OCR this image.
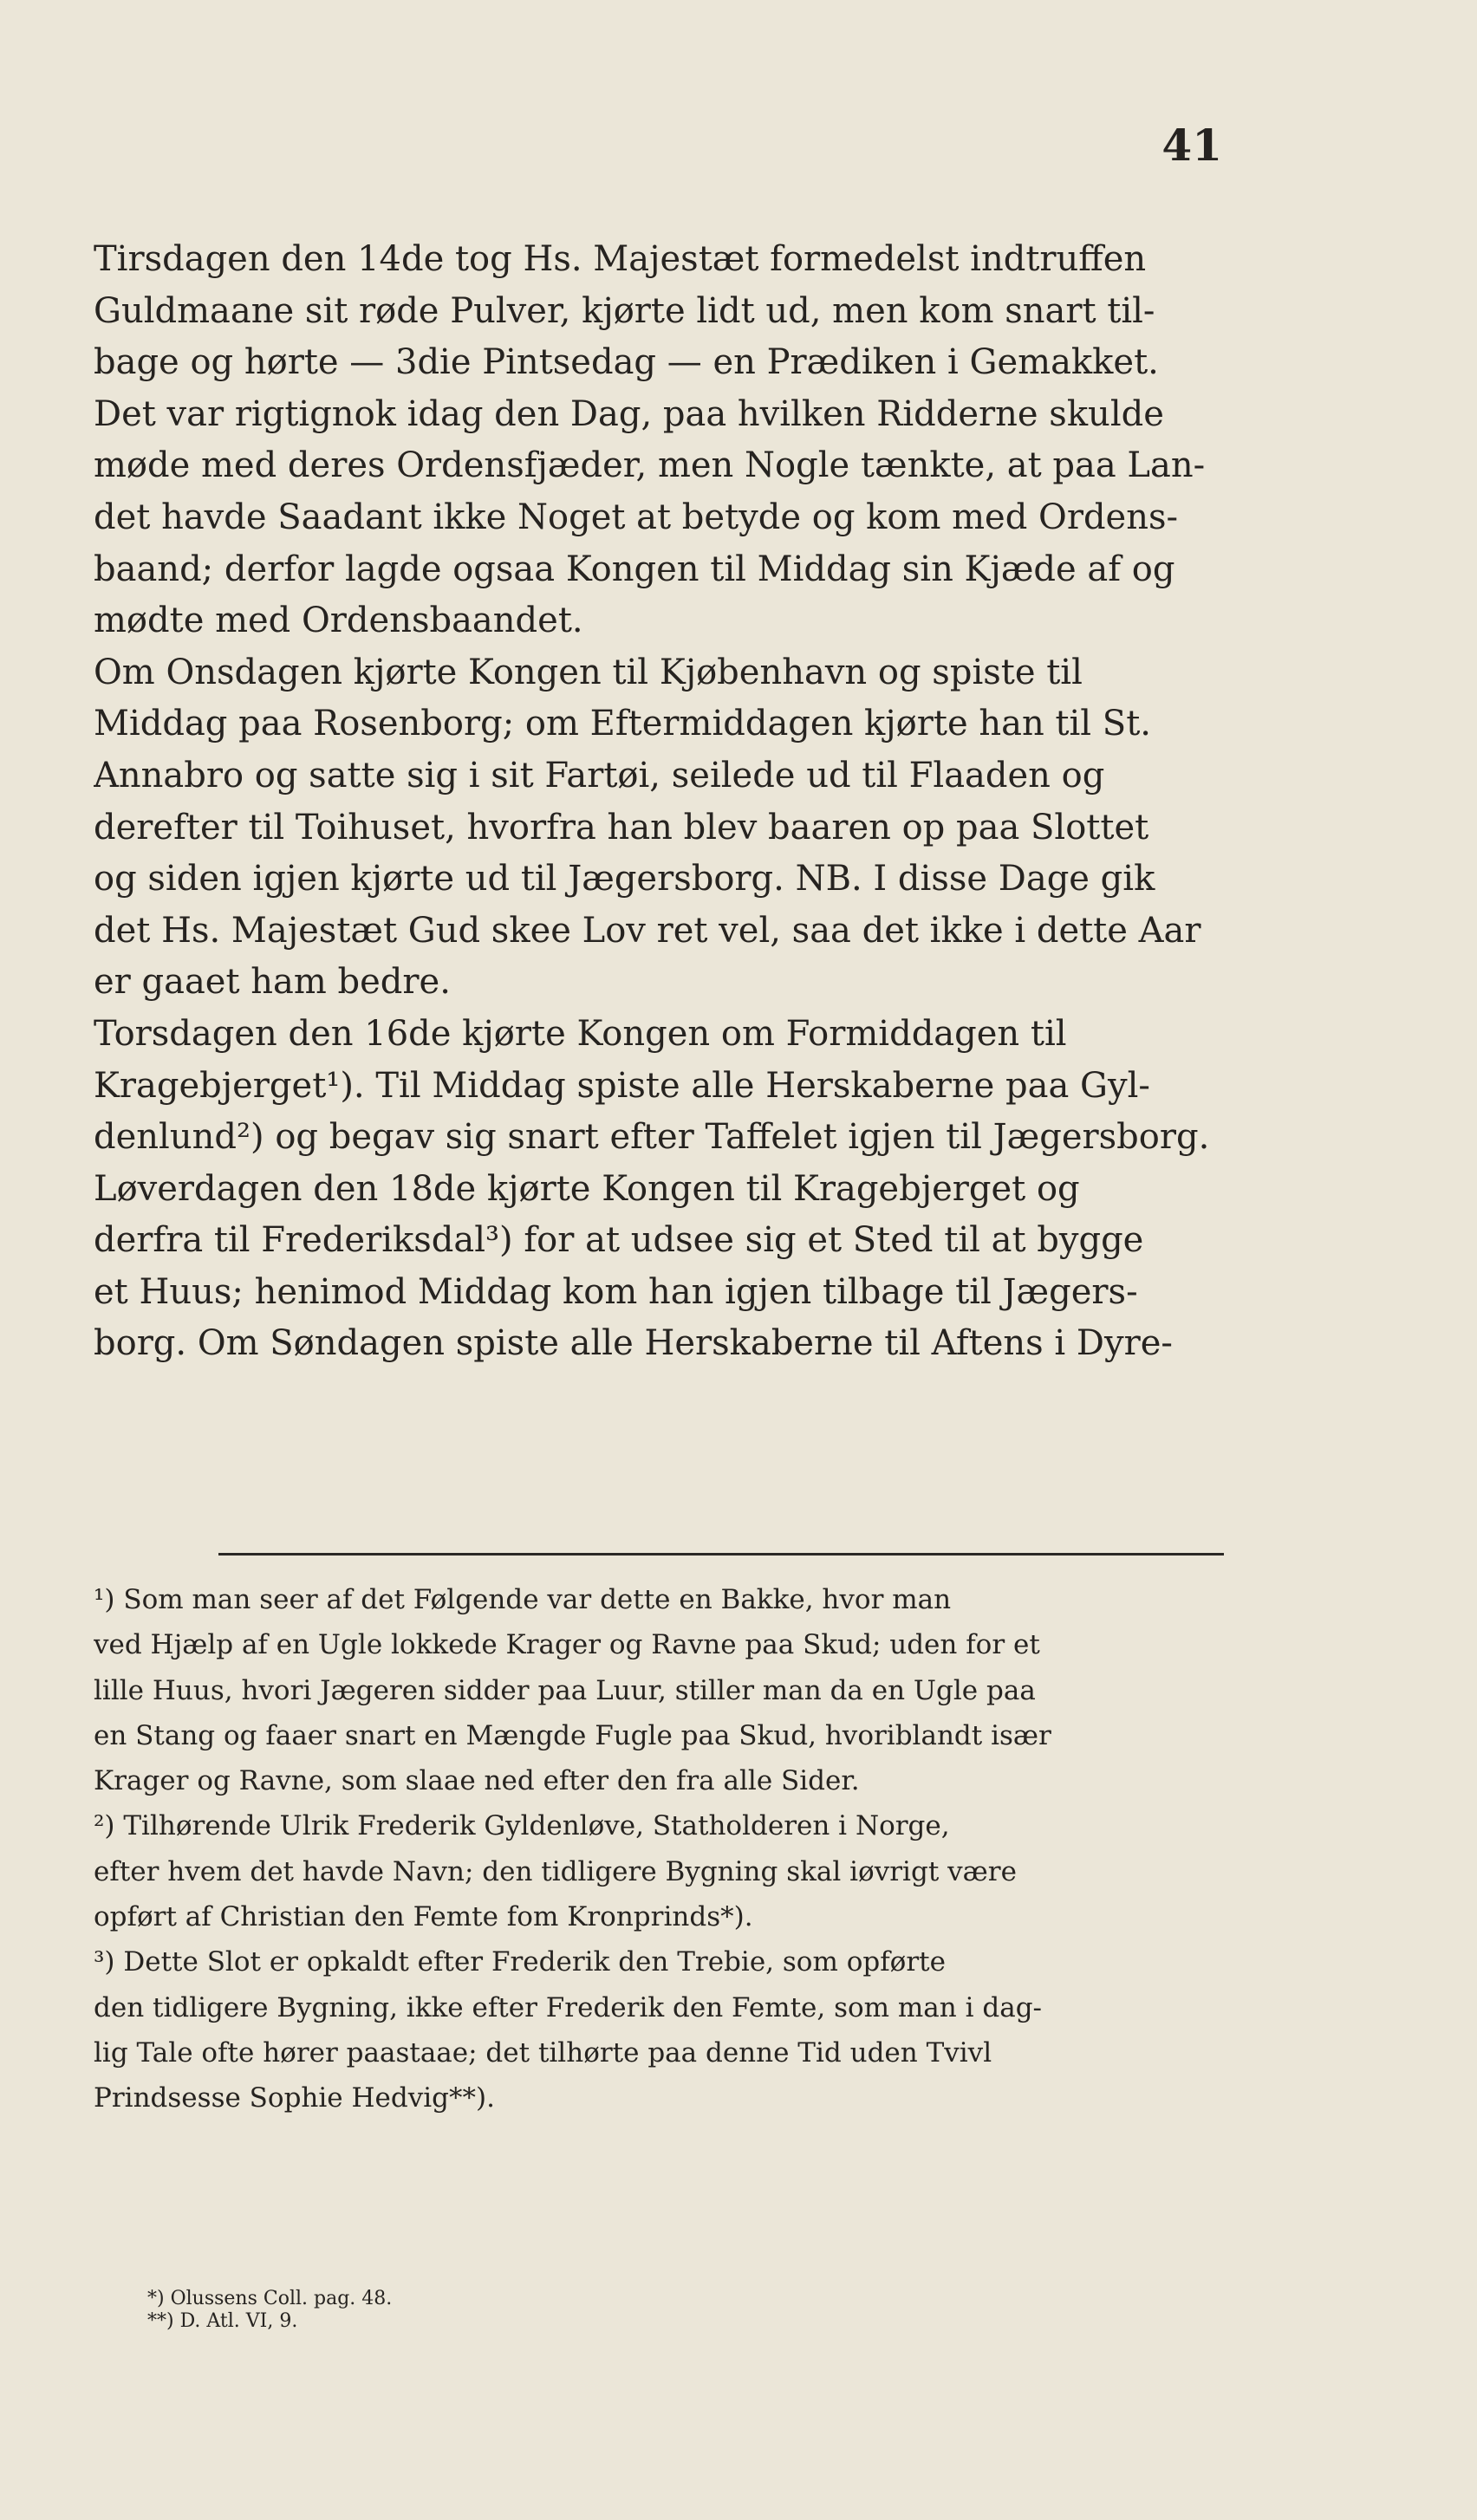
41
Tirsdagen den 14de tog Hs. Majestæt formedelst indtruffen
Guldmaane sit røde Pulver, kjørte lidt ud, men kom snart til-
bage og hørte — 3die Pintsedag — en Prædiken i Gemakket.
Det var rigtignok idag den Dag, paa hvilken Ridderne skulde
møde med deres Ordensfjæder, men Nogle tænkte, at paa Lan-
det havde Saadant ikke Noget at betyde og kom med Ordens-
baand; derfor lagde ogsaa Kongen til Middag sin Kjæde af og
mødte med Ordensbaandet.
Om Onsdagen kjørte Kongen til Kjøbenhavn og spiste til
Middag paa Rosenborg; om Eftermiddagen kjørte han til St.
Annabro og satte sig i sit Fartøi, seilede ud til Flaaden og
derefter til Toihuset, hvorfra han blev baaren op paa Slottet
og siden igjen kjørte ud til Jægersborg. NB. I disse Dage gik
det Hs. Majestæt Gud skee Lov ret vel, saa det ikke i dette Aar
er gaaet ham bedre.
Torsdagen den 16de kjørte Kongen om Formiddagen til
Kragebjerget¹). Til Middag spiste alle Herskaberne paa Gyl-
denlund²) og begav sig snart efter Taffelet igjen til Jægersborg.
Løverdagen den 18de kjørte Kongen til Kragebjerget og
derfra til Frederiksdal³) for at udsee sig et Sted til at bygge
et Huus; henimod Middag kom han igjen tilbage til Jægers-
borg. Om Søndagen spiste alle Herskaberne til Aftens i Dyre-
¹) Som man seer af det Følgende var dette en Bakke, hvor man
ved Hjælp af en Ugle lokkede Krager og Ravne paa Skud; uden for et
lille Huus, hvori Jægeren sidder paa Luur, stiller man da en Ugle paa
en Stang og faaer snart en Mængde Fugle paa Skud, hvoriblandt især
Krager og Ravne, som slaae ned efter den fra alle Sider.
²) Tilhørende Ulrik Frederik Gyldenløve, Statholderen i Norge,
efter hvem det havde Navn; den tidligere Bygning skal iøvrigt være
opført af Christian den Femte fom Kronprinds*).
³) Dette Slot er opkaldt efter Frederik den Trebie, som opførte
den tidligere Bygning, ikke efter Frederik den Femte, som man i dag-
lig Tale ofte hører paastaae; det tilhørte paa denne Tid uden Tvivl
Prindsessе Sophie Hedvig**).
*) Olussens Coll. pag. 48.
**) D. Atl. VI, 9.
